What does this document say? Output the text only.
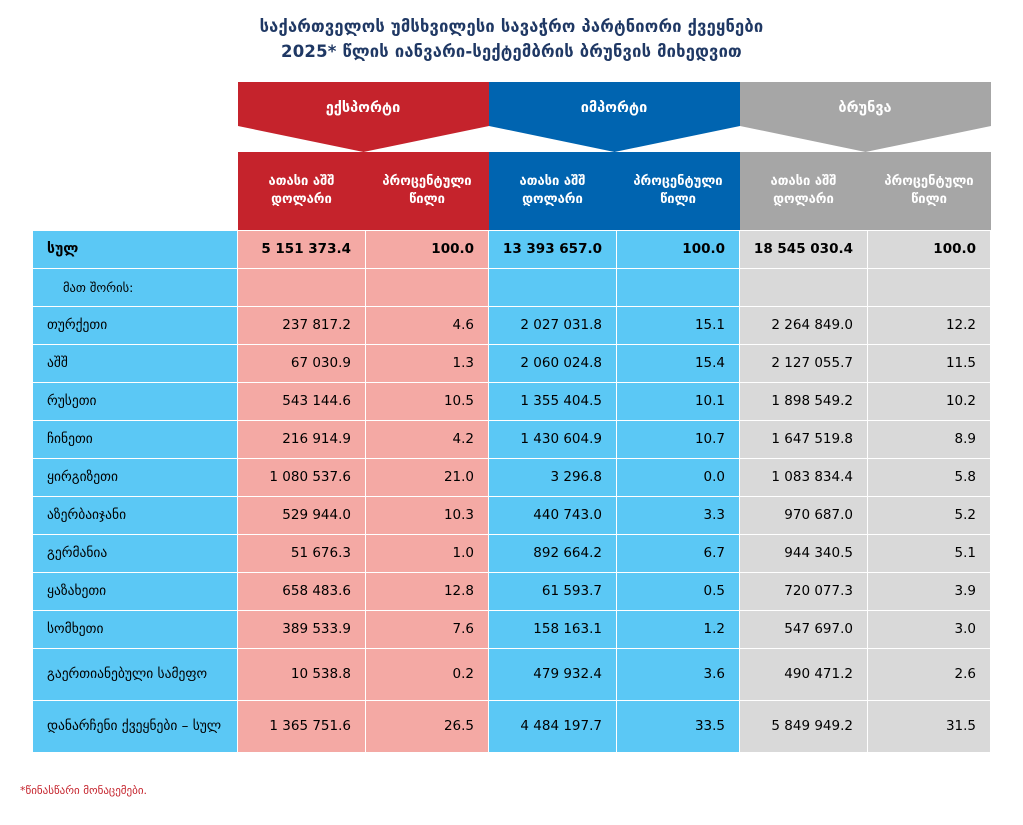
საქართველოს უმსხვილესი სავაჭრო პარტნიორი ქვეყნები
2025* წლის იანვარი-სექტემბრის ბრუნვის მიხედვით
	ექსპორტი		იმპორტი		ბრუნვა	

ათასი აშშ
დოლარი

პროცენტული
წილი

ათასი აშშ
დოლარი

პროცენტული
წილი

ათასი აშშ
დოლარი

პროცენტული
წილი

სულ	5 151 373.4	100.0	13 393 657.0	100.0	18 545 030.4	100.0
მათ შორის:						
თურქეთი	237 817.2	4.6	2 027 031.8	15.1	2 264 849.0	12.2
აშშ	67 030.9	1.3	2 060 024.8	15.4	2 127 055.7	11.5
რუსეთი	543 144.6	10.5	1 355 404.5	10.1	1 898 549.2	10.2
ჩინეთი	216 914.9	4.2	1 430 604.9	10.7	1 647 519.8	8.9
ყირგიზეთი	1 080 537.6	21.0	3 296.8	0.0	1 083 834.4	5.8
აზერბაიჯანი	529 944.0	10.3	440 743.0	3.3	970 687.0	5.2
გერმანია	51 676.3	1.0	892 664.2	6.7	944 340.5	5.1
ყაზახეთი	658 483.6	12.8	61 593.7	0.5	720 077.3	3.9
სომხეთი	389 533.9	7.6	158 163.1	1.2	547 697.0	3.0
გაერთიანებული სამეფო	10 538.8	0.2	479 932.4	3.6	490 471.2	2.6
დანარჩენი ქვეყნები – სულ	1 365 751.6	26.5	4 484 197.7	33.5	5 849 949.2	31.5
*წინასწარი მონაცემები.
